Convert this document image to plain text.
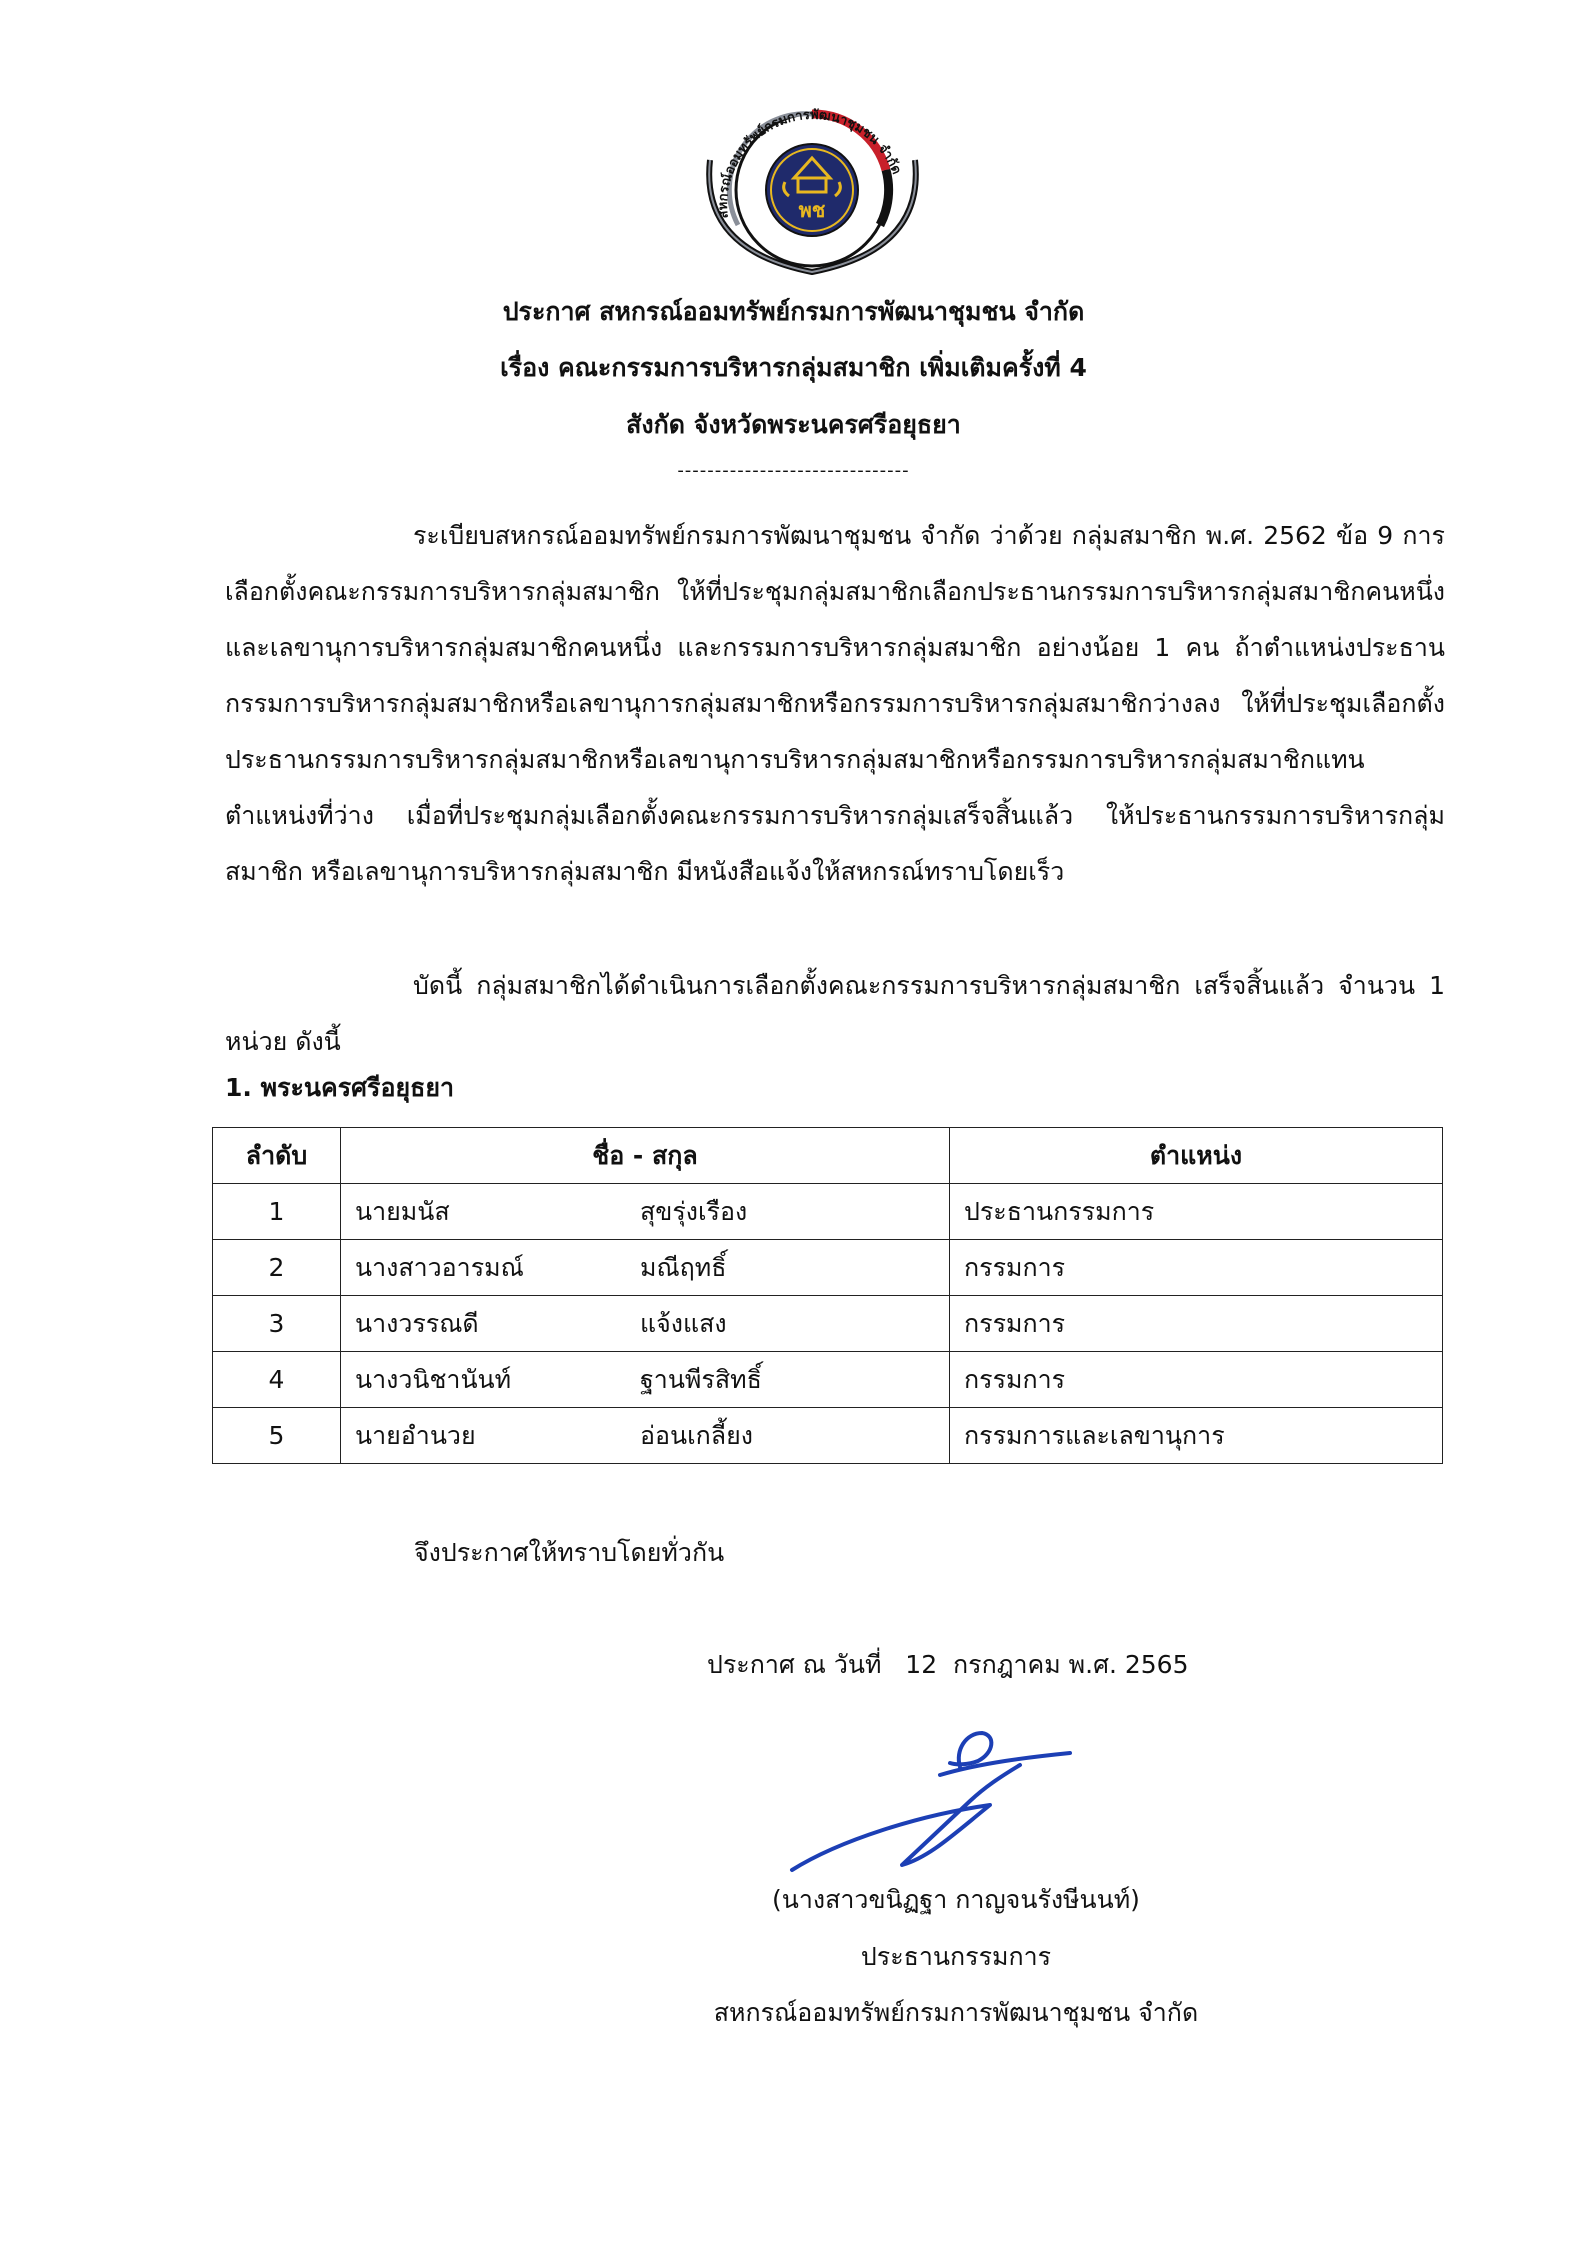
สหกรณ์ออมทรัพย์กรมการพัฒนาชุมชน จำกัด
พช
ประกาศ สหกรณ์ออมทรัพย์กรมการพัฒนาชุมชน จำกัด
เรื่อง คณะกรรมการบริหารกลุ่มสมาชิก เพิ่มเติมครั้งที่ 4
สังกัด จังหวัดพระนครศรีอยุธยา
-------------------------------

ระเบียบสหกรณ์ออมทรัพย์กรมการพัฒนาชุมชน จำกัด ว่าด้วย กลุ่มสมาชิก พ.ศ. 2562 ข้อ 9 การเลือกตั้งคณะกรรมการบริหารกลุ่มสมาชิก ให้ที่ประชุมกลุ่มสมาชิกเลือกประธานกรรมการบริหารกลุ่มสมาชิกคนหนึ่ง และเลขานุการบริหารกลุ่มสมาชิกคนหนึ่ง และกรรมการบริหารกลุ่มสมาชิก อย่างน้อย 1 คน ถ้าตำแหน่งประธานกรรมการบริหารกลุ่มสมาชิกหรือเลขานุการกลุ่มสมาชิกหรือกรรมการบริหารกลุ่มสมาชิกว่างลง ให้ที่ประชุมเลือกตั้งประธานกรรมการบริหารกลุ่มสมาชิกหรือเลขานุการบริหารกลุ่มสมาชิกหรือกรรมการบริหารกลุ่มสมาชิกแทนตำแหน่งที่ว่าง เมื่อที่ประชุมกลุ่มเลือกตั้งคณะกรรมการบริหารกลุ่มเสร็จสิ้นแล้ว ให้ประธานกรรมการบริหารกลุ่มสมาชิก หรือเลขานุการบริหารกลุ่มสมาชิก มีหนังสือแจ้งให้สหกรณ์ทราบโดยเร็ว

บัดนี้ กลุ่มสมาชิกได้ดำเนินการเลือกตั้งคณะกรรมการบริหารกลุ่มสมาชิก เสร็จสิ้นแล้ว จำนวน 1 หน่วย ดังนี้

1. พระนครศรีอยุธยา
ลำดับ	ชื่อ - สกุล	ตำแหน่ง
1	นายมนัส สุขรุ่งเรือง	ประธานกรรมการ
2	นางสาวอารมณ์ มณีฤทธิ์	กรรมการ
3	นางวรรณดี แจ้งแสง	กรรมการ
4	นางวนิชานันท์ ฐานพีรสิทธิ์	กรรมการ
5	นายอำนวย อ่อนเกลี้ยง	กรรมการและเลขานุการ
จึงประกาศให้ทราบโดยทั่วกัน
ประกาศ ณ วันที่   12  กรกฎาคม พ.ศ. 2565
(นางสาวขนิฏฐา กาญจนรังษีนนท์)
ประธานกรรมการ
สหกรณ์ออมทรัพย์กรมการพัฒนาชุมชน จำกัด
